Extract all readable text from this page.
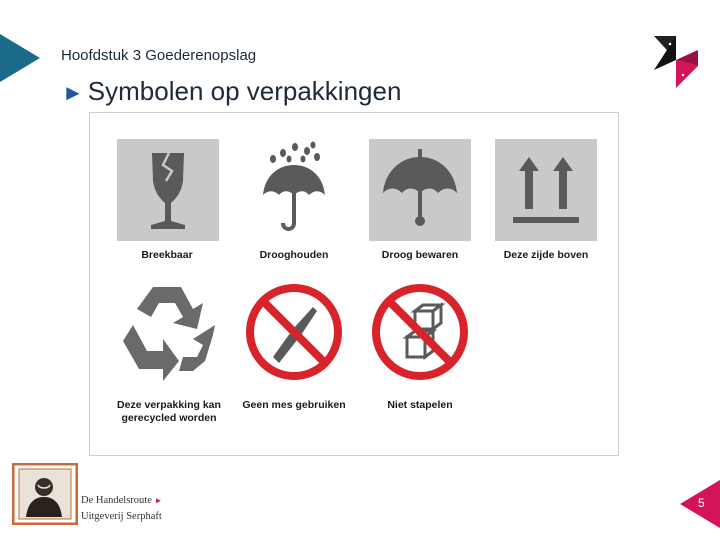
Hoofdstuk 3 Goederenopslag
► Symbolen op verpakkingen
Breekbaar	Drooghouden	Droog bewaren	Deze zijde boven
Deze verpakking kan gerecycled worden
Geen mes gebruiken	Niet stapelen
De Handelsroute ►
Uitgeverij Serphaft
5
